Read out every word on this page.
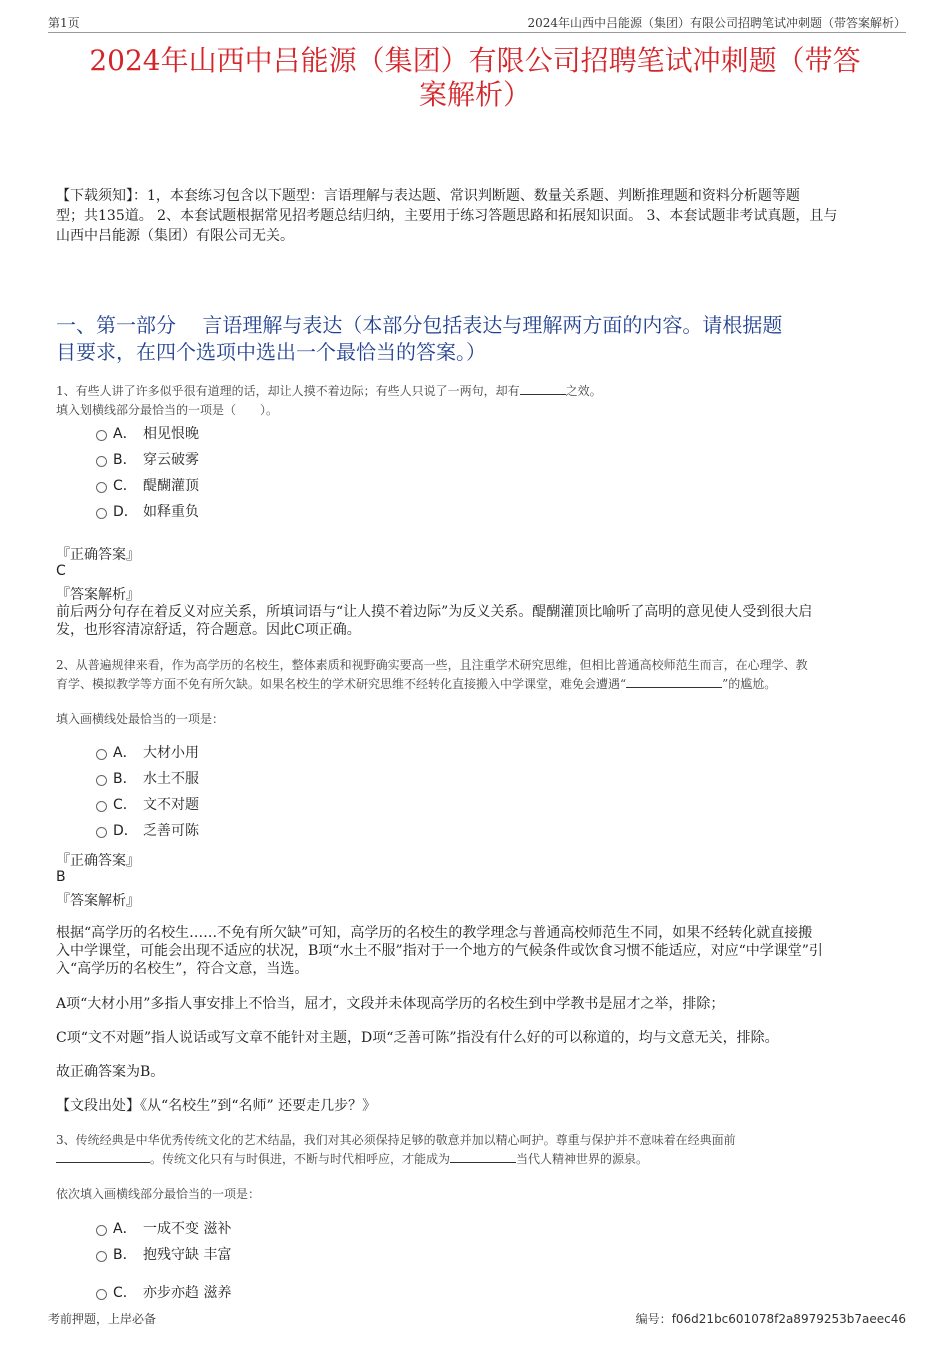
第1页	2024年山西中吕能源（集团）有限公司招聘笔试冲刺题（带答案解析）
2024年山西中吕能源（集团）有限公司招聘笔试冲刺题（带答
案解析）
【下载须知】：1，本套练习包含以下题型：言语理解与表达题、常识判断题、数量关系题、判断推理题和资料分析题等题
型；共135道。 2、本套试题根据常见招考题总结归纳，主要用于练习答题思路和拓展知识面。 3、本套试题非考试真题，且与
山西中吕能源（集团）有限公司无关。
一、第一部分　 言语理解与表达（本部分包括表达与理解两方面的内容。请根据题
目要求，在四个选项中选出一个最恰当的答案。）
1、有些人讲了许多似乎很有道理的话，却让人摸不着边际；有些人只说了一两句，却有	之效。
填入划横线部分最恰当的一项是（　　）。
A． 相见恨晚
B． 穿云破雾
C． 醍醐灌顶
D． 如释重负
『正确答案』
C
『答案解析』
前后两分句存在着反义对应关系，所填词语与“让人摸不着边际”为反义关系。醍醐灌顶比喻听了高明的意见使人受到很大启
发，也形容清凉舒适，符合题意。因此C项正确。
2、从普遍规律来看，作为高学历的名校生，整体素质和视野确实要高一些，且注重学术研究思维，但相比普通高校师范生而言，在心理学、教
育学、模拟教学等方面不免有所欠缺。如果名校生的学术研究思维不经转化直接搬入中学课堂，难免会遭遇“	”的尴尬。
填入画横线处最恰当的一项是：
A． 大材小用
B． 水土不服
C． 文不对题
D． 乏善可陈
『正确答案』
B
『答案解析』
根据“高学历的名校生……不免有所欠缺”可知，高学历的名校生的教学理念与普通高校师范生不同，如果不经转化就直接搬
入中学课堂，可能会出现不适应的状况，B项“水土不服”指对于一个地方的气候条件或饮食习惯不能适应，对应“中学课堂”引
入“高学历的名校生”，符合文意，当选。
A项“大材小用”多指人事安排上不恰当，屈才，文段并未体现高学历的名校生到中学教书是屈才之举，排除；
C项“文不对题”指人说话或写文章不能针对主题，D项“乏善可陈”指没有什么好的可以称道的，均与文意无关，排除。
故正确答案为B。
【文段出处】《从“名校生”到“名师” 还要走几步？》
3、传统经典是中华优秀传统文化的艺术结晶，我们对其必须保持足够的敬意并加以精心呵护。尊重与保护并不意味着在经典面前
。传统文化只有与时俱进，不断与时代相呼应，才能成为	当代人精神世界的源泉。
依次填入画横线部分最恰当的一项是：
A． 一成不变 滋补
B． 抱残守缺 丰富
C． 亦步亦趋 滋养
考前押题，上岸必备	编号：f06d21bc601078f2a8979253b7aeec46
